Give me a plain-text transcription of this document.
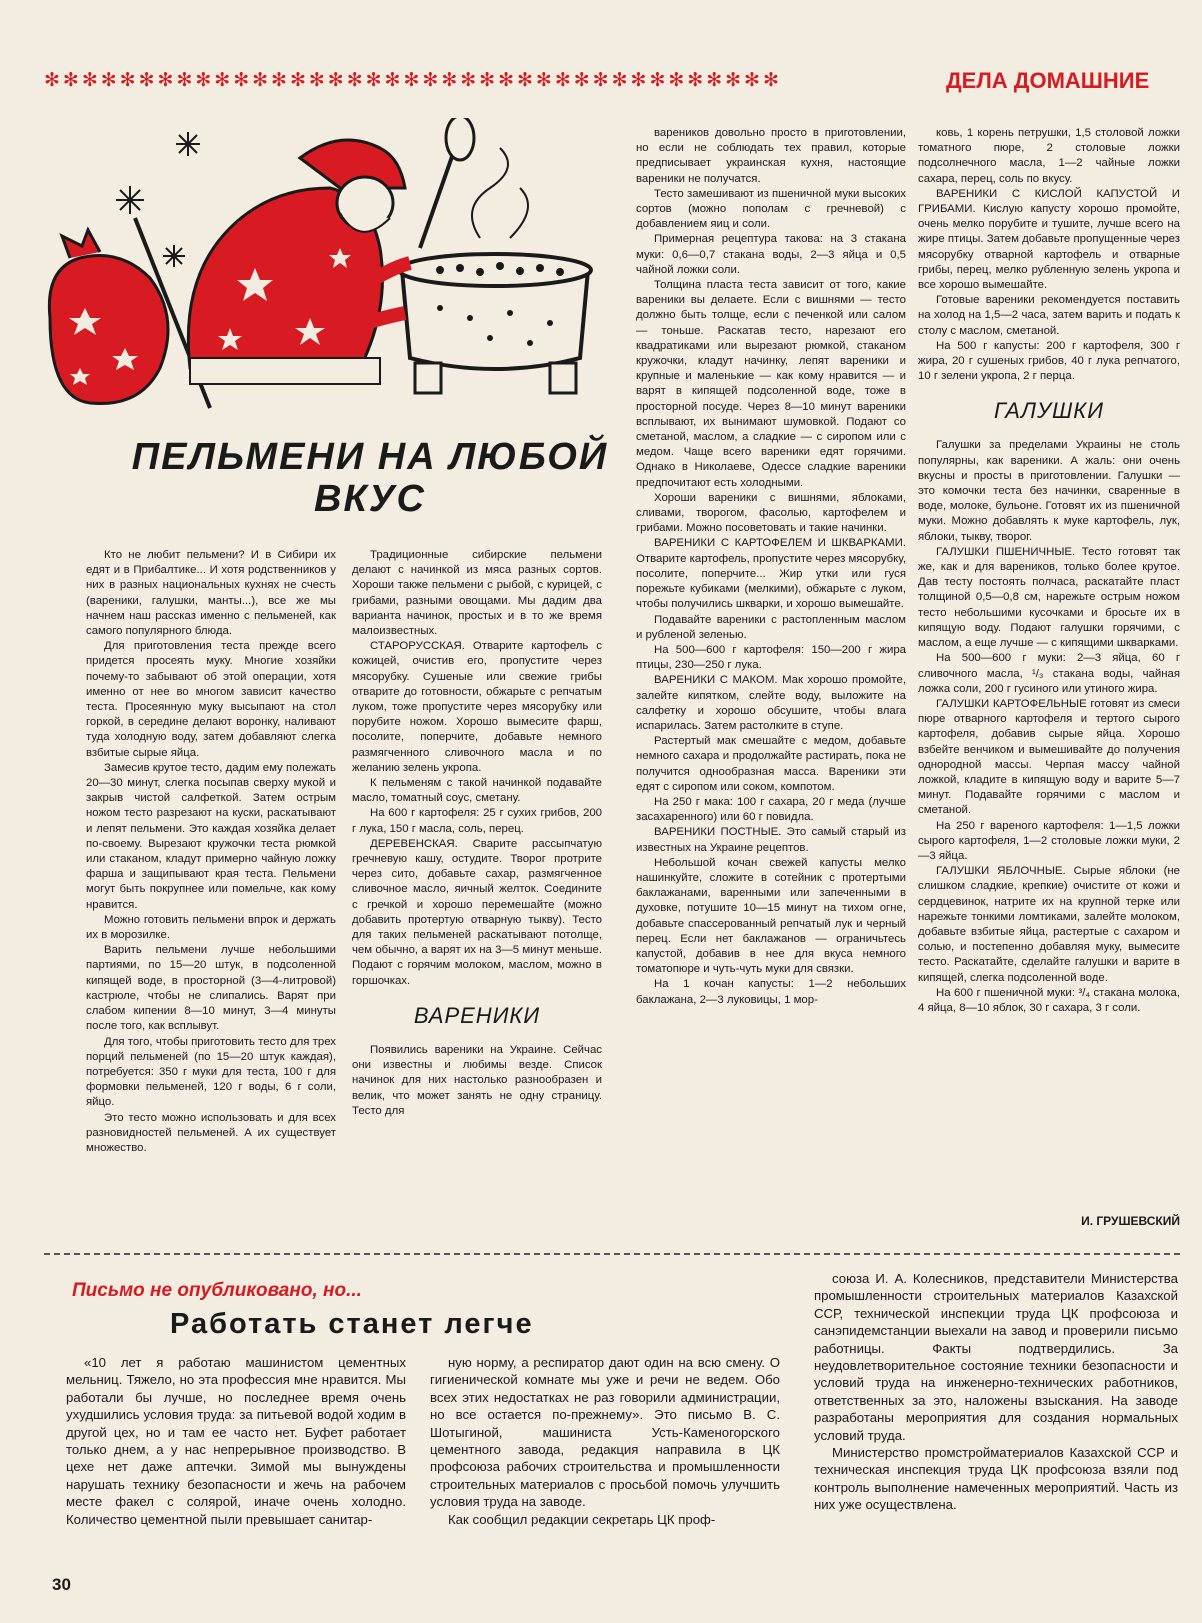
✻✻✻✻✻✻✻✻✻✻✻✻✻✻✻✻✻✻✻✻✻✻✻✻✻✻✻✻✻✻✻✻✻✻✻✻✻✻✻	ДЕЛА ДОМАШНИЕ
ПЕЛЬМЕНИ НА ЛЮБОЙ ВКУС

Кто не любит пельмени? И в Сибири их едят и в Прибалтике... И хотя родственников у них в разных национальных кухнях не счесть (вареники, галушки, манты...), все же мы начнем наш рассказ именно с пельменей, как самого популярного блюда.

Для приготовления теста прежде всего придется просеять муку. Многие хозяйки почему-то забывают об этой операции, хотя именно от нее во многом зависит качество теста. Просеянную муку высыпают на стол горкой, в середине делают воронку, наливают туда холодную воду, затем добавляют слегка взбитые сырые яйца.

Замесив крутое тесто, дадим ему полежать 20—30 минут, слегка посыпав сверху мукой и закрыв чистой салфеткой. Затем острым ножом тесто разрезают на куски, раскатывают и лепят пельмени. Это каждая хозяйка делает по-своему. Вырезают кружочки теста рюмкой или стаканом, кладут примерно чайную ложку фарша и защипывают края теста. Пельмени могут быть покрупнее или помельче, как кому нравится.

Можно готовить пельмени впрок и держать их в морозилке.

Варить пельмени лучше небольшими партиями, по 15—20 штук, в подсоленной кипящей воде, в просторной (3—4-литровой) кастрюле, чтобы не слипались. Варят при слабом кипении 8—10 минут, 3—4 минуты после того, как всплывут.

Для того, чтобы приготовить тесто для трех порций пельменей (по 15—20 штук каждая), потребуется: 350 г муки для теста, 100 г для формовки пельменей, 120 г воды, 6 г соли, яйцо.

Это тесто можно использовать и для всех разновидностей пельменей. А их существует множество.

Традиционные сибирские пельмени делают с начинкой из мяса разных сортов. Хороши также пельмени с рыбой, с курицей, с грибами, разными овощами. Мы дадим два варианта начинок, простых и в то же время малоизвестных.

СТАРОРУССКАЯ. Отварите картофель с кожицей, очистив его, пропустите через мясорубку. Сушеные или свежие грибы отварите до готовности, обжарьте с репчатым луком, тоже пропустите через мясорубку или порубите ножом. Хорошо вымесите фарш, посолите, поперчите, добавьте немного размягченного сливочного масла и по желанию зелень укропа.

К пельменям с такой начинкой подавайте масло, томатный соус, сметану.

На 600 г картофеля: 25 г сухих грибов, 200 г лука, 150 г масла, соль, перец.

ДЕРЕВЕНСКАЯ. Сварите рассыпчатую гречневую кашу, остудите. Творог протрите через сито, добавьте сахар, размягченное сливочное масло, яичный желток. Соедините с гречкой и хорошо перемешайте (можно добавить протертую отварную тыкву). Тесто для таких пельменей раскатывают потолще, чем обычно, а варят их на 3—5 минут меньше. Подают с горячим молоком, маслом, можно в горшочках.

ВАРЕНИКИ

Появились вареники на Украине. Сейчас они известны и любимы везде. Список начинок для них настолько разнообразен и велик, что может занять не одну страницу. Тесто для

вареников довольно просто в приготовлении, но если не соблюдать тех правил, которые предписывает украинская кухня, настоящие вареники не получатся.

Тесто замешивают из пшеничной муки высоких сортов (можно пополам с гречневой) с добавлением яиц и соли.

Примерная рецептура такова: на 3 стакана муки: 0,6—0,7 стакана воды, 2—3 яйца и 0,5 чайной ложки соли.

Толщина пласта теста зависит от того, какие вареники вы делаете. Если с вишнями — тесто должно быть толще, если с печенкой или салом — тоньше. Раскатав тесто, нарезают его квадратиками или вырезают рюмкой, стаканом кружочки, кладут начинку, лепят вареники и крупные и маленькие — как кому нравится — и варят в кипящей подсоленной воде, тоже в просторной посуде. Через 8—10 минут вареники всплывают, их вынимают шумовкой. Подают со сметаной, маслом, а сладкие — с сиропом или с медом. Чаще всего вареники едят горячими. Однако в Николаеве, Одессе сладкие вареники предпочитают есть холодными.

Хороши вареники с вишнями, яблоками, сливами, творогом, фасолью, картофелем и грибами. Можно посоветовать и такие начинки.

ВАРЕНИКИ С КАРТОФЕЛЕМ И ШКВАРКАМИ. Отварите картофель, пропустите через мясорубку, посолите, поперчите... Жир утки или гуся порежьте кубиками (мелкими), обжарьте с луком, чтобы получились шкварки, и хорошо вымешайте.

Подавайте вареники с растопленным маслом и рубленой зеленью.

На 500—600 г картофеля: 150—200 г жира птицы, 230—250 г лука.

ВАРЕНИКИ С МАКОМ. Мак хорошо промойте, залейте кипятком, слейте воду, выложите на салфетку и хорошо обсушите, чтобы влага испарилась. Затем растолките в ступе.

Растертый мак смешайте с медом, добавьте немного сахара и продолжайте растирать, пока не получится однообразная масса. Вареники эти едят с сиропом или соком, компотом.

На 250 г мака: 100 г сахара, 20 г меда (лучше засахаренного) или 60 г повидла.

ВАРЕНИКИ ПОСТНЫЕ. Это самый старый из известных на Украине рецептов.

Небольшой кочан свежей капусты мелко нашинкуйте, сложите в сотейник с протертыми баклажанами, варенными или запеченными в духовке, потушите 10—15 минут на тихом огне, добавьте спассерованный репчатый лук и черный перец. Если нет баклажанов — ограничьтесь капустой, добавив в нее для вкуса немного томатопюре и чуть-чуть муки для связки.

На 1 кочан капусты: 1—2 небольших баклажана, 2—3 луковицы, 1 мор-

ковь, 1 корень петрушки, 1,5 столовой ложки томатного пюре, 2 столовые ложки подсолнечного масла, 1—2 чайные ложки сахара, перец, соль по вкусу.

ВАРЕНИКИ С КИСЛОЙ КАПУСТОЙ И ГРИБАМИ. Кислую капусту хорошо промойте, очень мелко порубите и тушите, лучше всего на жире птицы. Затем добавьте пропущенные через мясорубку отварной картофель и отварные грибы, перец, мелко рубленную зелень укропа и все хорошо вымешайте.

Готовые вареники рекомендуется поставить на холод на 1,5—2 часа, затем варить и подать к столу с маслом, сметаной.

На 500 г капусты: 200 г картофеля, 300 г жира, 20 г сушеных грибов, 40 г лука репчатого, 10 г зелени укропа, 2 г перца.

ГАЛУШКИ

Галушки за пределами Украины не столь популярны, как вареники. А жаль: они очень вкусны и просты в приготовлении. Галушки — это комочки теста без начинки, сваренные в воде, молоке, бульоне. Готовят их из пшеничной муки. Можно добавлять к муке картофель, лук, яблоки, тыкву, творог.

ГАЛУШКИ ПШЕНИЧНЫЕ. Тесто готовят так же, как и для вареников, только более крутое. Дав тесту постоять полчаса, раскатайте пласт толщиной 0,5—0,8 см, нарежьте острым ножом тесто небольшими кусочками и бросьте их в кипящую воду. Подают галушки горячими, с маслом, а еще лучше — с кипящими шкварками.

На 500—600 г муки: 2—3 яйца, 60 г сливочного масла, ¹/₃ стакана воды, чайная ложка соли, 200 г гусиного или утиного жира.

ГАЛУШКИ КАРТОФЕЛЬНЫЕ готовят из смеси пюре отварного картофеля и тертого сырого картофеля, добавив сырые яйца. Хорошо взбейте венчиком и вымешивайте до получения однородной массы. Черпая массу чайной ложкой, кладите в кипящую воду и варите 5—7 минут. Подавайте горячими с маслом и сметаной.

На 250 г вареного картофеля: 1—1,5 ложки сырого картофеля, 1—2 столовые ложки муки, 2—3 яйца.

ГАЛУШКИ ЯБЛОЧНЫЕ. Сырые яблоки (не слишком сладкие, крепкие) очистите от кожи и сердцевинок, натрите их на крупной терке или нарежьте тонкими ломтиками, залейте молоком, добавьте взбитые яйца, растертые с сахаром и солью, и постепенно добавляя муку, вымесите тесто. Раскатайте, сделайте галушки и варите в кипящей, слегка подсоленной воде.

На 600 г пшеничной муки: ³/₄ стакана молока, 4 яйца, 8—10 яблок, 30 г сахара, 3 г соли.

И. ГРУШЕВСКИЙ
Письмо не опубликовано, но...
Работать станет легче

«10 лет я работаю машинистом цементных мельниц. Тяжело, но эта профессия мне нравится. Мы работали бы лучше, но последнее время очень ухудшились условия труда: за питьевой водой ходим в другой цех, но и там ее часто нет. Буфет работает только днем, а у нас непрерывное производство. В цехе нет даже аптечки. Зимой мы вынуждены нарушать технику безопасности и жечь на рабочем месте факел с солярой, иначе очень холодно. Количество цементной пыли превышает санитар-

ную норму, а респиратор дают один на всю смену. О гигиенической комнате мы уже и речи не ведем. Обо всех этих недостатках не раз говорили администрации, но все остается по-прежнему». Это письмо В. С. Шотыгиной, машиниста Усть-Каменогорского цементного завода, редакция направила в ЦК профсоюза рабочих строительства и промышленности строительных материалов с просьбой помочь улучшить условия труда на заводе.

Как сообщил редакции секретарь ЦК проф-

союза И. А. Колесников, представители Министерства промышленности строительных материалов Казахской ССР, технической инспекции труда ЦК профсоюза и санэпидемстанции выехали на завод и проверили письмо работницы. Факты подтвердились. За неудовлетворительное состояние техники безопасности и условий труда на инженерно-технических работников, ответственных за это, наложены взыскания. На заводе разработаны мероприятия для создания нормальных условий труда.

Министерство промстройматериалов Казахской ССР и техническая инспекция труда ЦК профсоюза взяли под контроль выполнение намеченных мероприятий. Часть из них уже осуществлена.

30
